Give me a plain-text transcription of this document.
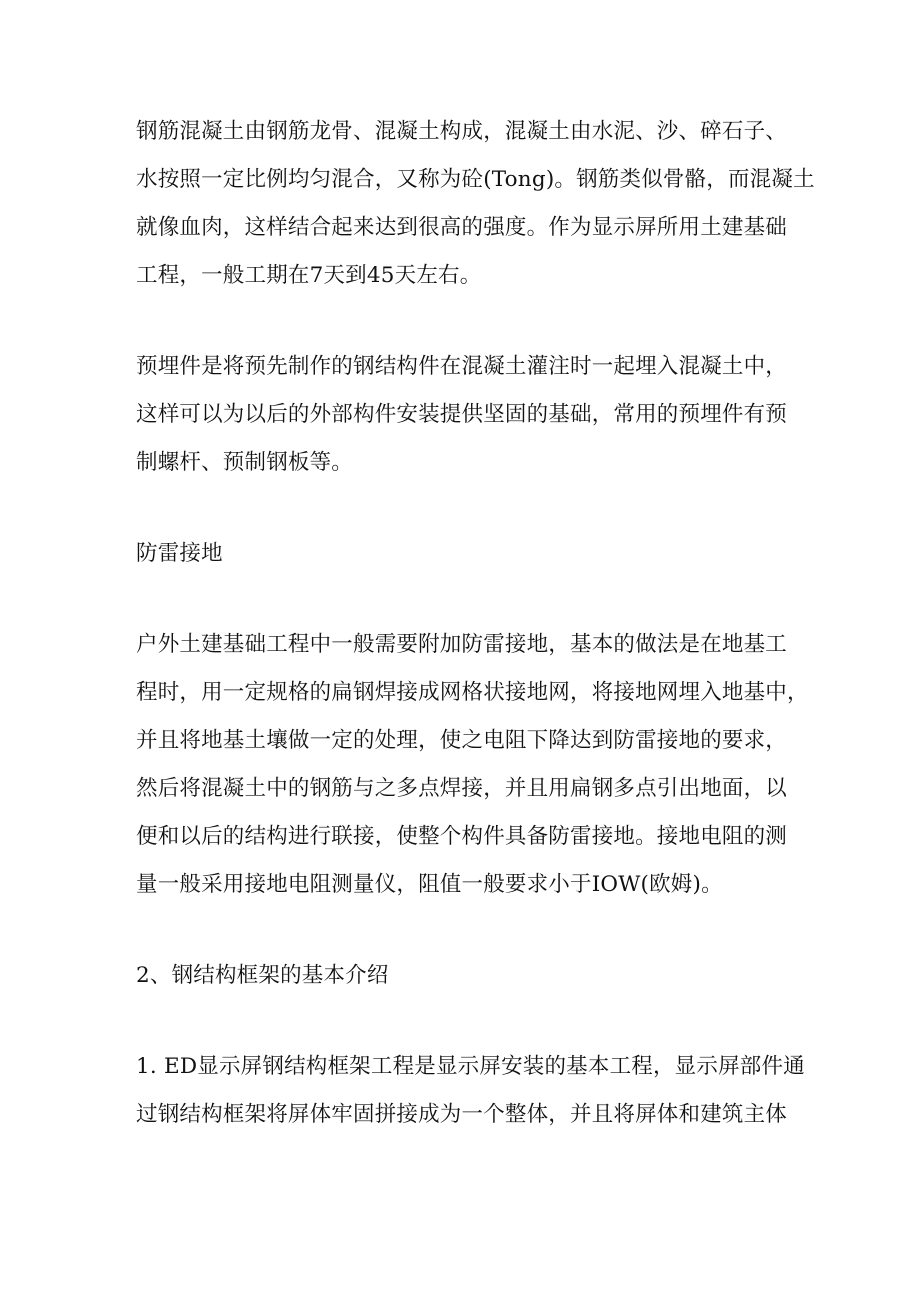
钢筋混凝土由钢筋龙骨、混凝土构成，混凝土由水泥、沙、碎石子、
水按照一定比例均匀混合，又称为砼(Tong)。钢筋类似骨骼，而混凝土
就像血肉，这样结合起来达到很高的强度。作为显示屏所用土建基础
工程，一般工期在7天到45天左右。

预埋件是将预先制作的钢结构件在混凝土灌注时一起埋入混凝土中，
这样可以为以后的外部构件安装提供坚固的基础，常用的预埋件有预
制螺杆、预制钢板等。

防雷接地

户外土建基础工程中一般需要附加防雷接地，基本的做法是在地基工
程时，用一定规格的扁钢焊接成网格状接地网，将接地网埋入地基中，
并且将地基土壤做一定的处理，使之电阻下降达到防雷接地的要求，
然后将混凝土中的钢筋与之多点焊接，并且用扁钢多点引出地面，以
便和以后的结构进行联接，使整个构件具备防雷接地。接地电阻的测
量一般采用接地电阻测量仪，阻值一般要求小于IOW(欧姆)。

2、钢结构框架的基本介绍

1. ED显示屏钢结构框架工程是显示屏安装的基本工程，显示屏部件通
过钢结构框架将屏体牢固拼接成为一个整体，并且将屏体和建筑主体
